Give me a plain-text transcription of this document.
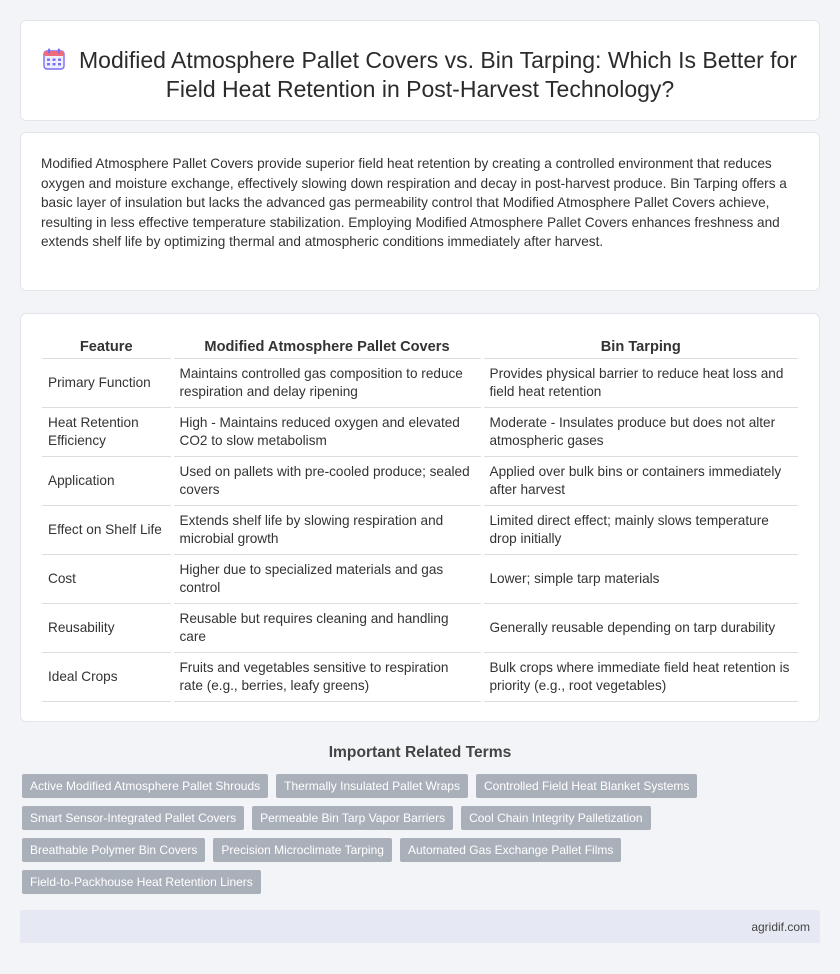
Modified Atmosphere Pallet Covers vs. Bin Tarping: Which Is Better for Field Heat Retention in Post-Harvest Technology?

Modified Atmosphere Pallet Covers provide superior field heat retention by creating a controlled environment that reduces oxygen and moisture exchange, effectively slowing down respiration and decay in post-harvest produce. Bin Tarping offers a basic layer of insulation but lacks the advanced gas permeability control that Modified Atmosphere Pallet Covers achieve, resulting in less effective temperature stabilization. Employing Modified Atmosphere Pallet Covers enhances freshness and extends shelf life by optimizing thermal and atmospheric conditions immediately after harvest.

Feature	Modified Atmosphere Pallet Covers	Bin Tarping
Primary Function	Maintains controlled gas composition to reduce respiration and delay ripening	Provides physical barrier to reduce heat loss and field heat retention
Heat Retention Efficiency	High - Maintains reduced oxygen and elevated CO2 to slow metabolism	Moderate - Insulates produce but does not alter atmospheric gases
Application	Used on pallets with pre-cooled produce; sealed covers	Applied over bulk bins or containers immediately after harvest
Effect on Shelf Life	Extends shelf life by slowing respiration and microbial growth	Limited direct effect; mainly slows temperature drop initially
Cost	Higher due to specialized materials and gas control	Lower; simple tarp materials
Reusability	Reusable but requires cleaning and handling care	Generally reusable depending on tarp durability
Ideal Crops	Fruits and vegetables sensitive to respiration rate (e.g., berries, leafy greens)	Bulk crops where immediate field heat retention is priority (e.g., root vegetables)
Important Related Terms
Active Modified Atmosphere Pallet Shrouds	Thermally Insulated Pallet Wraps	Controlled Field Heat Blanket Systems
Smart Sensor-Integrated Pallet Covers	Permeable Bin Tarp Vapor Barriers	Cool Chain Integrity Palletization
Breathable Polymer Bin Covers	Precision Microclimate Tarping	Automated Gas Exchange Pallet Films
Field-to-Packhouse Heat Retention Liners
agridif.com
